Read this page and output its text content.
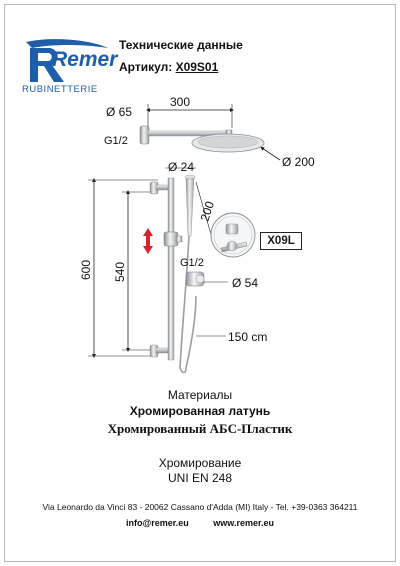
Remer
RUBINETTERIE
Технические данные
Артикул: X09S01
300
Ø 65
G1/2
Ø 200
Ø 24
600 540
200
G1/2
Ø 54
150 cm
X09L
Материалы
Хромированная латунь
Хромированный АБС-Пластик
Хромирование
UNI EN 248
Via Leonardo da Vinci 83 - 20062 Cassano d'Adda (MI) Italy - Tel. +39-0363 364211
info@remer.eu	www.remer.eu
